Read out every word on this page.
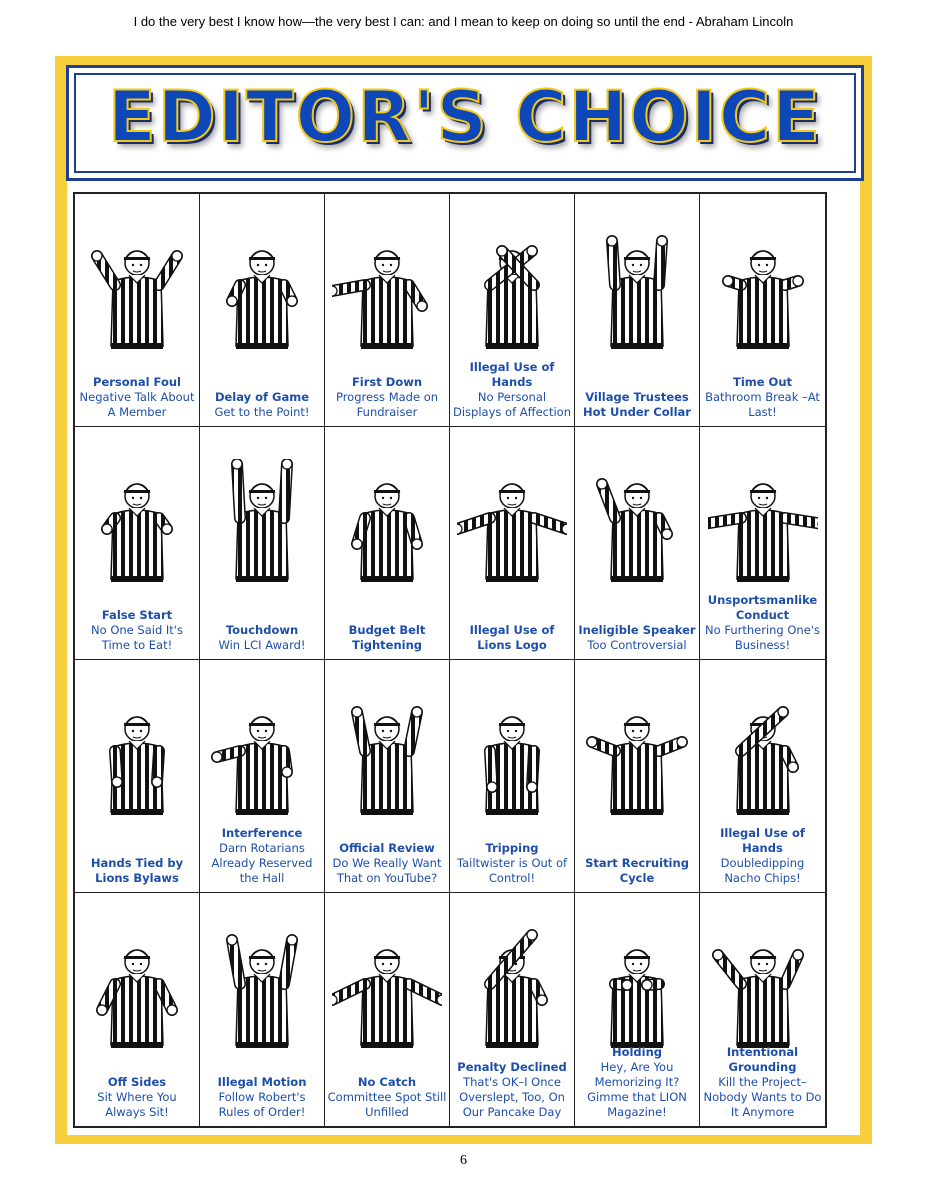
I do the very best I know how—the very best I can: and I mean to keep on doing so until the end - Abraham Lincoln
EDITOR'S CHOICE
Personal Foul
Negative Talk About A Member
Delay of Game
Get to the Point!
First Down
Progress Made on Fundraiser
Illegal Use of Hands
No Personal Displays of Affection
Village Trustees Hot Under Collar
Time Out
Bathroom Break –At Last!
False Start
No One Said It's Time to Eat!
Touchdown
Win LCI Award!
Budget Belt Tightening
Illegal Use of Lions Logo
Ineligible Speaker
Too Controversial
Unsportsmanlike Conduct
No Furthering One's Business!
Hands Tied by Lions Bylaws
Interference
Darn Rotarians Already Reserved the Hall
Official Review
Do We Really Want That on YouTube?
Tripping
Tailtwister is Out of Control!
Start Recruiting Cycle
Illegal Use of Hands
Doubledipping Nacho Chips!
Off Sides
Sit Where You Always Sit!
Illegal Motion
Follow Robert's Rules of Order!
No Catch
Committee Spot Still Unfilled
Penalty Declined
That's OK–I Once Overslept, Too, On Our Pancake Day
Holding
Hey, Are You Memorizing It? Gimme that LION Magazine!
Intentional Grounding
Kill the Project– Nobody Wants to Do It Anymore
6
